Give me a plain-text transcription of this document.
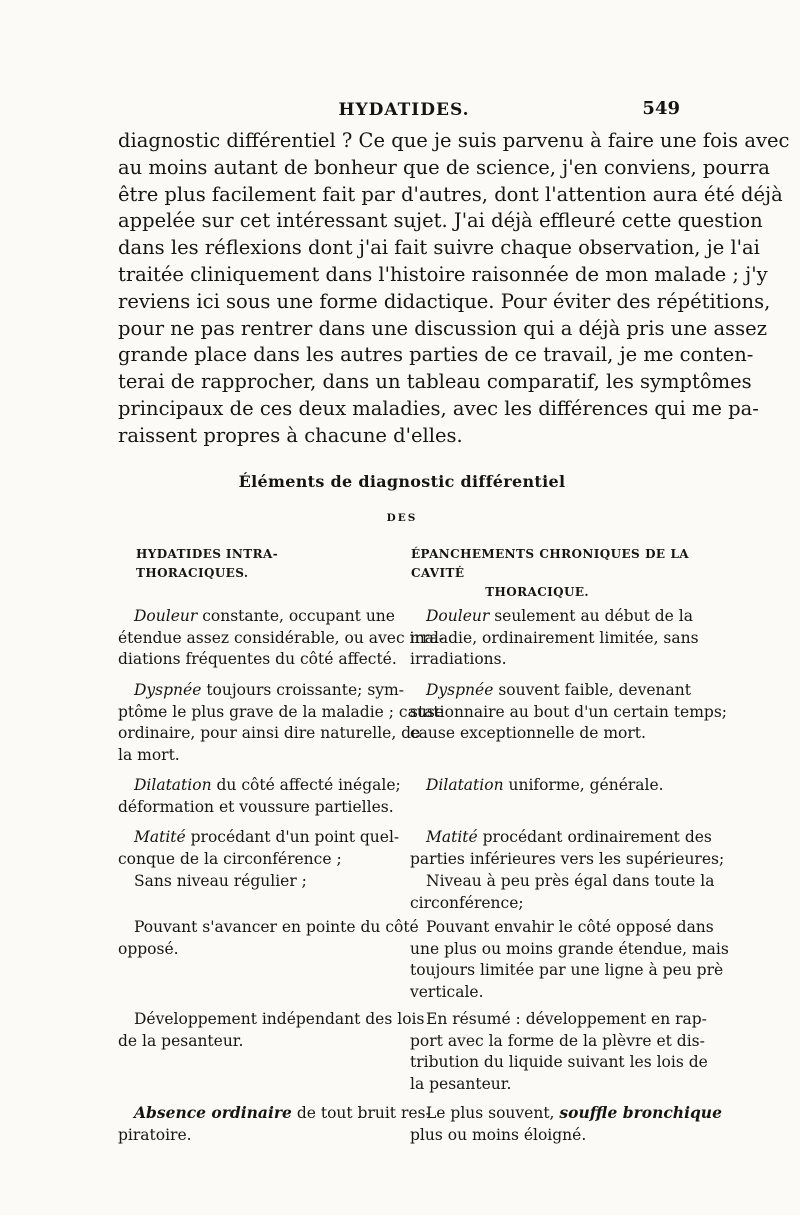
HYDATIDES.	549
diagnostic différentiel ? Ce que je suis parvenu à faire une fois avec
au moins autant de bonheur que de science, j'en conviens, pourra
être plus facilement fait par d'autres, dont l'attention aura été déjà
appelée sur cet intéressant sujet. J'ai déjà effleuré cette question
dans les réflexions dont j'ai fait suivre chaque observation, je l'ai
traitée cliniquement dans l'histoire raisonnée de mon malade ; j'y
reviens ici sous une forme didactique. Pour éviter des répétitions,
pour ne pas rentrer dans une discussion qui a déjà pris une assez
grande place dans les autres parties de ce travail, je me conten-
terai de rapprocher, dans un tableau comparatif, les symptômes
principaux de ces deux maladies, avec les différences qui me pa-
raissent propres à chacune d'elles.
Éléments de diagnostic différentiel
DES
HYDATIDES INTRA-THORACIQUES.
ÉPANCHEMENTS CHRONIQUES DE LA CAVITÉ
THORACIQUE.
Douleur constante, occupant une
étendue assez considérable, ou avec irra-
diations fréquentes du côté affecté.
Douleur seulement au début de la
maladie, ordinairement limitée, sans
irradiations.
Dyspnée toujours croissante; sym-
ptôme le plus grave de la maladie ; cause
ordinaire, pour ainsi dire naturelle, de
la mort.
Dyspnée souvent faible, devenant
stationnaire au bout d'un certain temps;
cause exceptionnelle de mort.
Dilatation du côté affecté inégale;
déformation et voussure partielles.
Dilatation uniforme, générale.
Matité procédant d'un point quel-
conque de la circonférence ;
Matité procédant ordinairement des
parties inférieures vers les supérieures;
Sans niveau régulier ;	Niveau à peu près égal dans toute la
circonférence;
Pouvant s'avancer en pointe du côté
opposé.
Pouvant envahir le côté opposé dans
une plus ou moins grande étendue, mais
toujours limitée par une ligne à peu prè
verticale.
Développement indépendant des lois
de la pesanteur.
En résumé : développement en rap-
port avec la forme de la plèvre et dis-
tribution du liquide suivant les lois de
la pesanteur.
Absence ordinaire de tout bruit res-
piratoire.
Le plus souvent, souffle bronchique
plus ou moins éloigné.
